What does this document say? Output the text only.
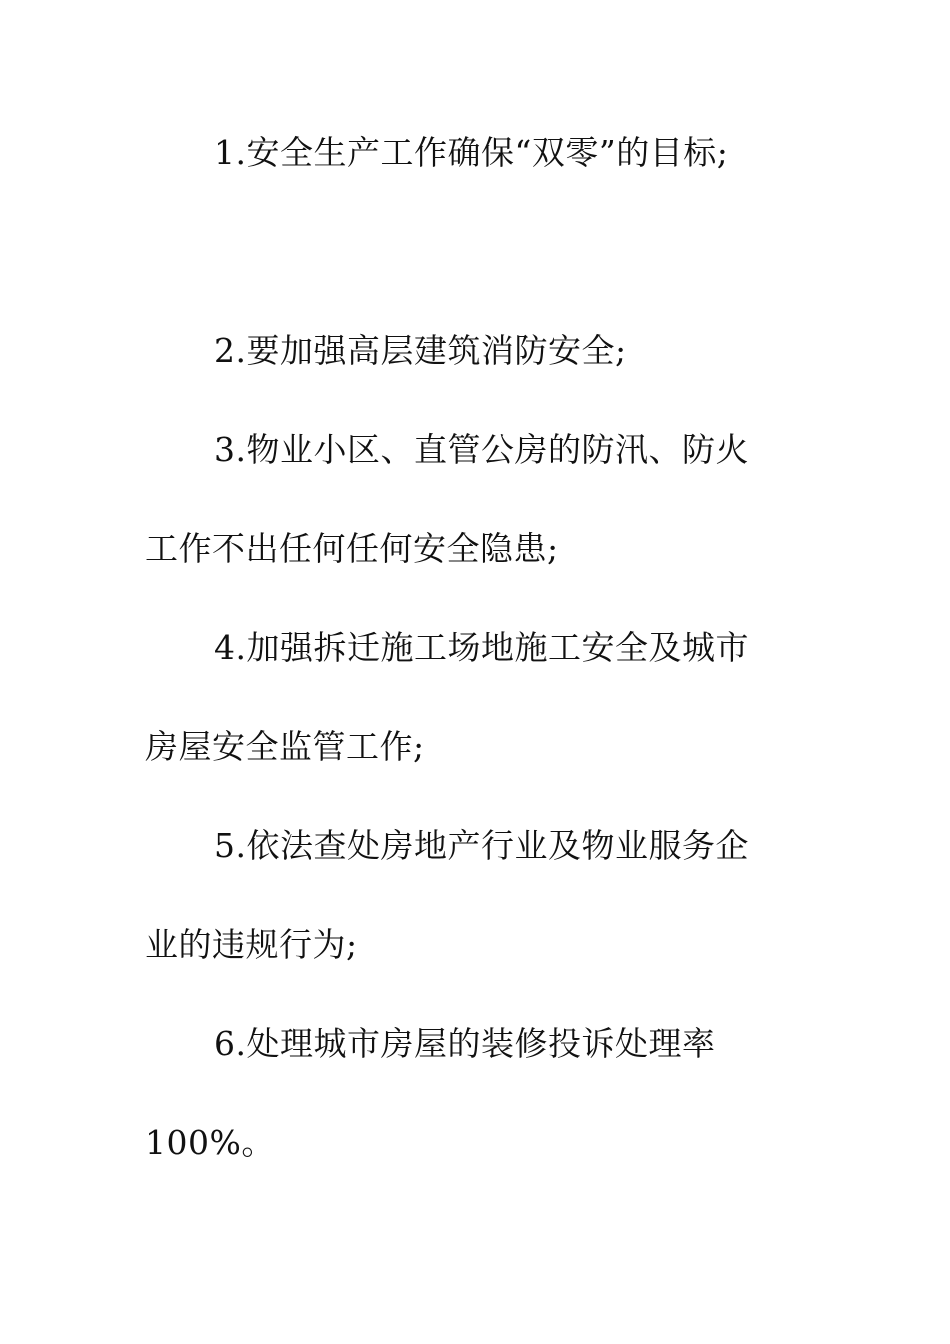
1.安全生产工作确保“双零”的目标;
2.要加强高层建筑消防安全;
3.物业小区、直管公房的防汛、防火
工作不出任何任何安全隐患;
4.加强拆迁施工场地施工安全及城市
房屋安全监管工作;
5.依法查处房地产行业及物业服务企
业的违规行为;
6.处理城市房屋的装修投诉处理率
100%。
